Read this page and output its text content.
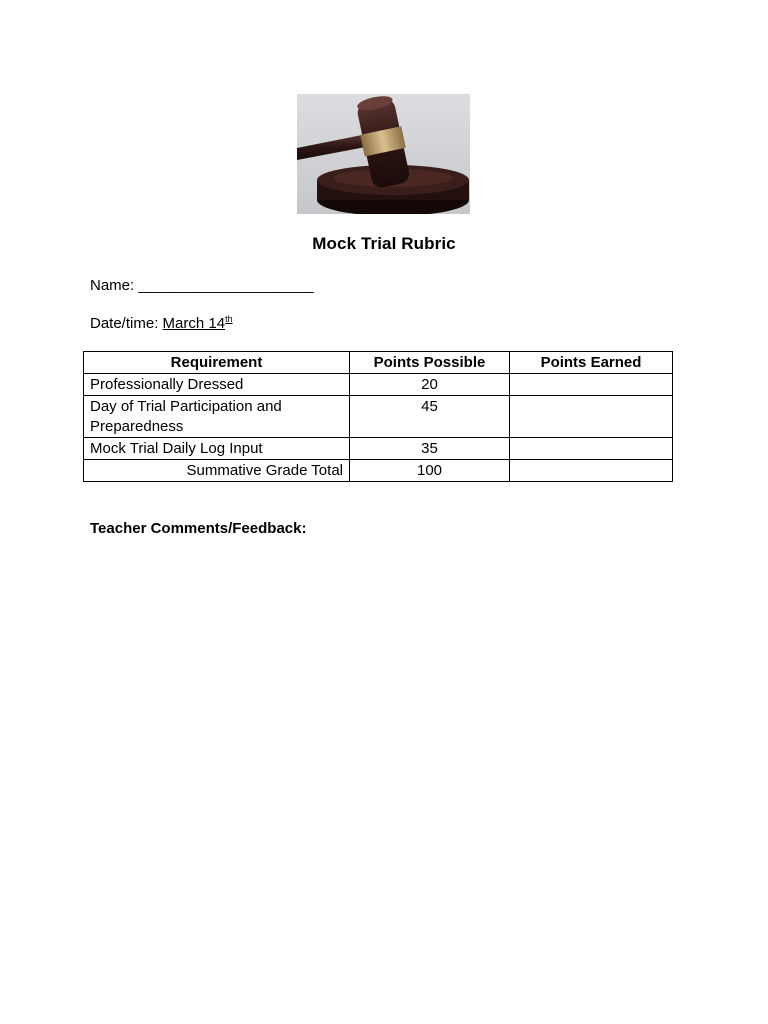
Mock Trial Rubric
Name: _____________________
Date/time: March 14th
Requirement	Points Possible	Points Earned
Professionally Dressed	20	
Day of Trial Participation and Preparedness	45	
Mock Trial Daily Log Input	35	
Summative Grade Total	100	
Teacher Comments/Feedback:
